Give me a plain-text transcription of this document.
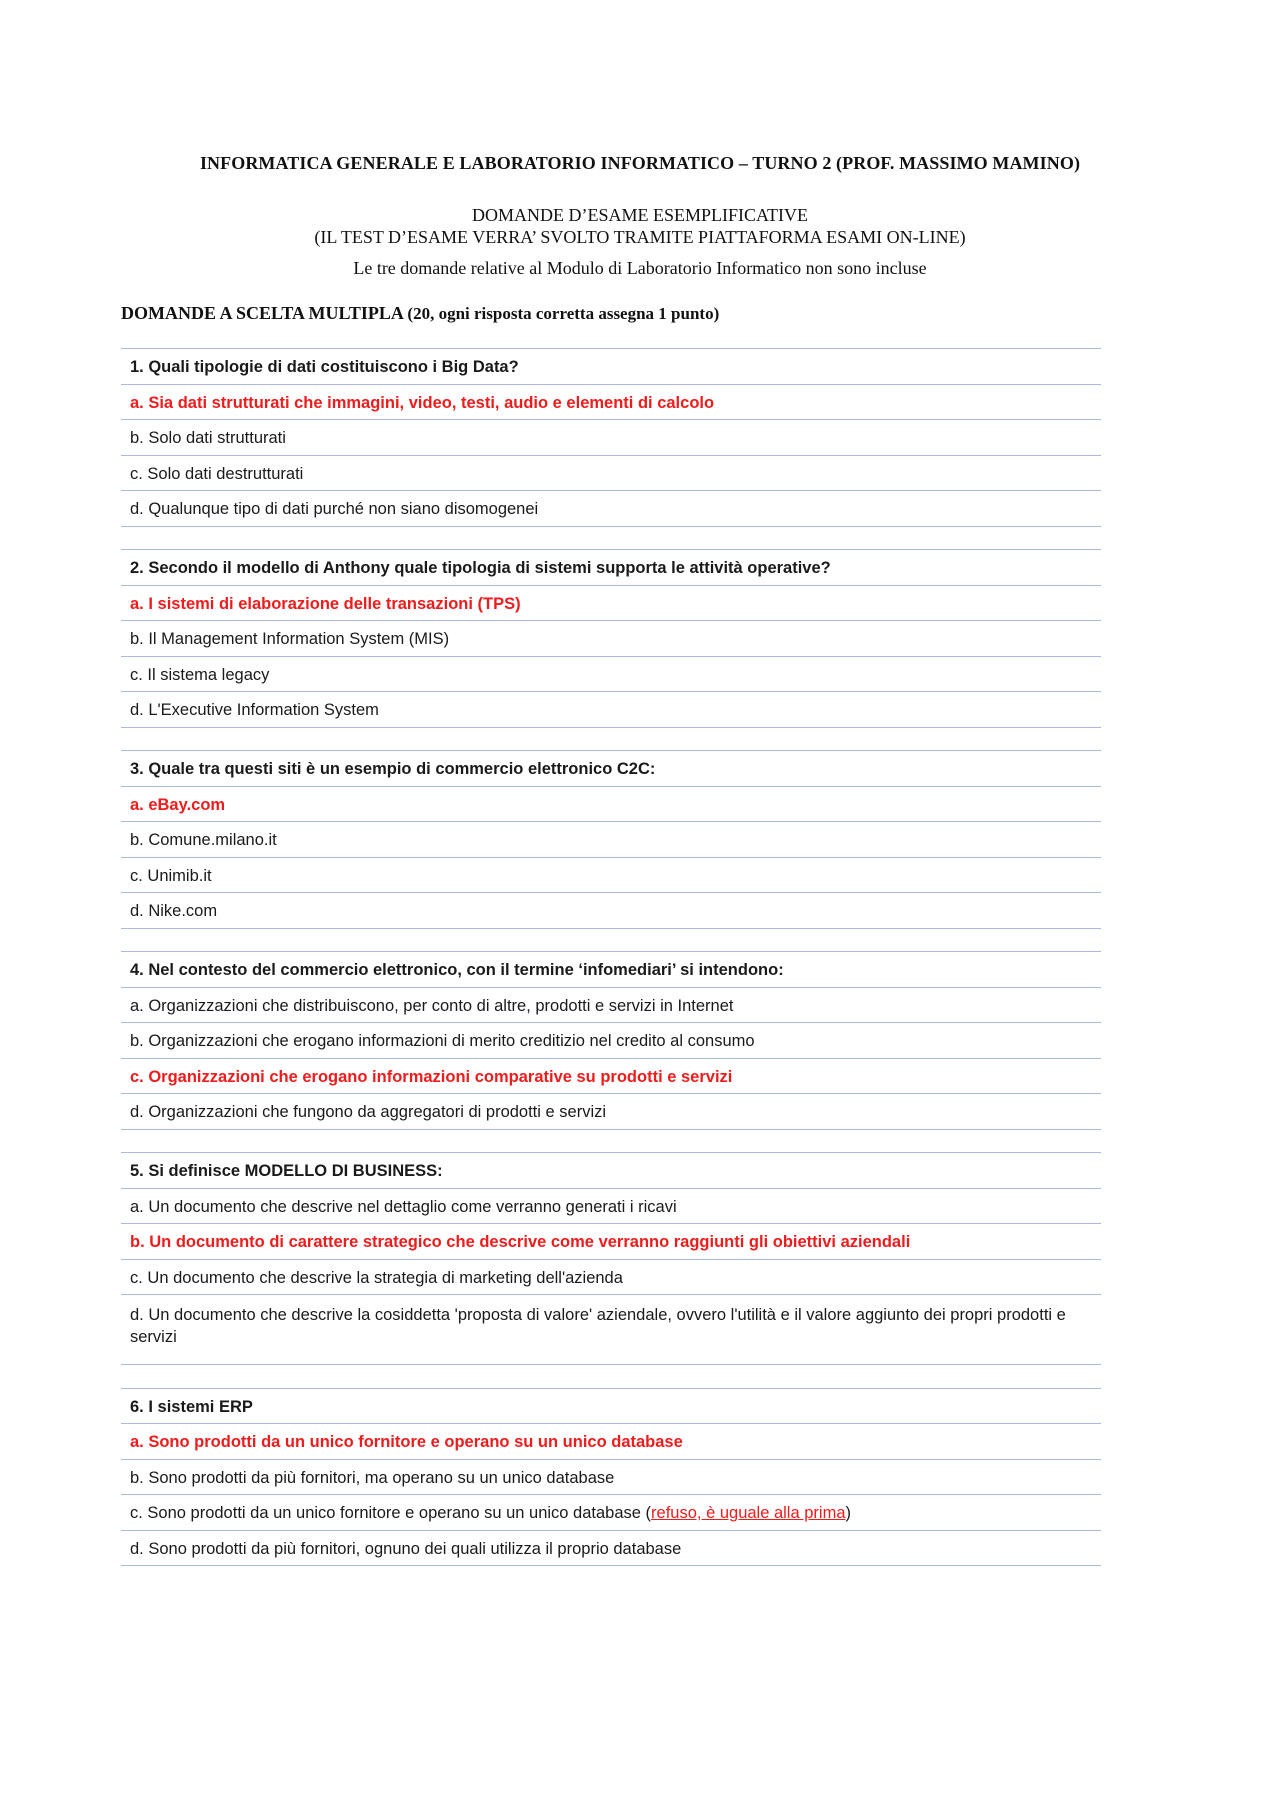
INFORMATICA GENERALE E LABORATORIO INFORMATICO – TURNO 2 (PROF. MASSIMO MAMINO)
DOMANDE D’ESAME ESEMPLIFICATIVE
(IL TEST D’ESAME VERRA’ SVOLTO TRAMITE PIATTAFORMA ESAMI ON-LINE)
Le tre domande relative al Modulo di Laboratorio Informatico non sono incluse
DOMANDE A SCELTA MULTIPLA (20, ogni risposta corretta assegna 1 punto)
1. Quali tipologie di dati costituiscono i Big Data?
a. Sia dati strutturati che immagini, video, testi, audio e elementi di calcolo
b. Solo dati strutturati
c. Solo dati destrutturati
d. Qualunque tipo di dati purché non siano disomogenei
2. Secondo il modello di Anthony quale tipologia di sistemi supporta le attività operative?
a. I sistemi di elaborazione delle transazioni (TPS)
b. Il Management Information System (MIS)
c. Il sistema legacy
d. L'Executive Information System
3. Quale tra questi siti è un esempio di commercio elettronico C2C:
a. eBay.com
b. Comune.milano.it
c. Unimib.it
d. Nike.com
4. Nel contesto del commercio elettronico, con il termine ‘infomediari’ si intendono:
a. Organizzazioni che distribuiscono, per conto di altre, prodotti e servizi in Internet
b. Organizzazioni che erogano informazioni di merito creditizio nel credito al consumo
c. Organizzazioni che erogano informazioni comparative su prodotti e servizi
d. Organizzazioni che fungono da aggregatori di prodotti e servizi
5. Si definisce MODELLO DI BUSINESS:
a. Un documento che descrive nel dettaglio come verranno generati i ricavi
b. Un documento di carattere strategico che descrive come verranno raggiunti gli obiettivi aziendali
c. Un documento che descrive la strategia di marketing dell'azienda
d. Un documento che descrive la cosiddetta 'proposta di valore' aziendale, ovvero l'utilità e il valore aggiunto dei propri prodotti e servizi
6. I sistemi ERP
a. Sono prodotti da un unico fornitore e operano su un unico database
b. Sono prodotti da più fornitori, ma operano su un unico database
c. Sono prodotti da un unico fornitore e operano su un unico database (refuso, è uguale alla prima)
d. Sono prodotti da più fornitori, ognuno dei quali utilizza il proprio database
